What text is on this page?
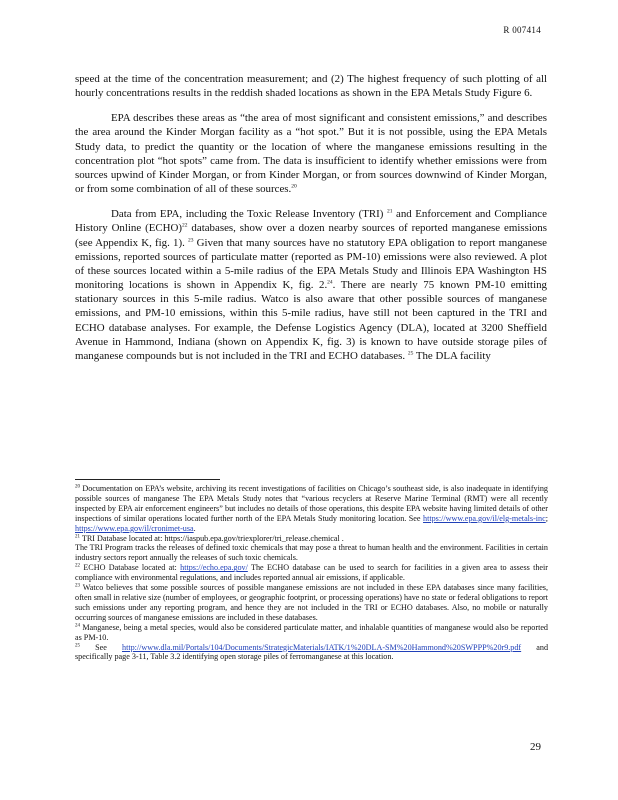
R 007414

speed at the time of the concentration measurement; and (2) The highest frequency of such plotting of all hourly concentrations results in the reddish shaded locations as shown in the EPA Metals Study Figure 6.

EPA describes these areas as “the area of most significant and consistent emissions,” and describes the area around the Kinder Morgan facility as a “hot spot.” But it is not possible, using the EPA Metals Study data, to predict the quantity or the location of where the manganese emissions resulting in the concentration plot “hot spots” came from. The data is insufficient to identify whether emissions were from sources upwind of Kinder Morgan, or from Kinder Morgan, or from sources downwind of Kinder Morgan, or from some combination of all of these sources.$^{20}$

Data from EPA, including the Toxic Release Inventory (TRI) $^{21}$ and Enforcement and Compliance History Online (ECHO)$^{22}$ databases, show over a dozen nearby sources of reported manganese emissions (see Appendix K, fig. 1). $^{23}$ Given that many sources have no statutory EPA obligation to report manganese emissions, reported sources of particulate matter (reported as PM-10) emissions were also reviewed. A plot of these sources located within a 5-mile radius of the EPA Metals Study and Illinois EPA Washington HS monitoring locations is shown in Appendix K, fig. 2.24. There are nearly 75 known PM-10 emitting stationary sources in this 5-mile radius. Watco is also aware that other possible sources of manganese emissions, and PM-10 emissions, within this 5-mile radius, have still not been captured in the TRI and ECHO database analyses. For example, the Defense Logistics Agency (DLA), located at 3200 Sheffield Avenue in Hammond, Indiana (shown on Appendix K, fig. 3) is known to have outside storage piles of manganese compounds but is not included in the TRI and ECHO databases. $^{25}$ The DLA facility

$^{20}$ Documentation on EPA’s website, archiving its recent investigations of facilities on Chicago’s southeast side, is also inadequate in identifying possible sources of manganese The EPA Metals Study notes that “various recyclers at Reserve Marine Terminal (RMT) were all recently inspected by EPA air enforcement engineers” but includes no details of those operations, this despite EPA website having limited details of other inspections of similar operations located further north of the EPA Metals Study monitoring location. See https://www.epa.gov/il/elg-metals-inc; https://www.epa.gov/il/cronimet-usa.

$^{21}$ TRI Database located at: https://iaspub.epa.gov/triexplorer/tri_release.chemical .

The TRI Program tracks the releases of defined toxic chemicals that may pose a threat to human health and the environment. Facilities in certain industry sectors report annually the releases of such toxic chemicals.

$^{22}$ ECHO Database located at: https://echo.epa.gov/ The ECHO database can be used to search for facilities in a given area to assess their compliance with environmental regulations, and includes reported annual air emissions, if applicable.

$^{23}$ Watco believes that some possible sources of possible manganese emissions are not included in these EPA databases since many facilities, often small in relative size (number of employees, or geographic footprint, or processing operations) have no state or federal obligations to report such emissions under any reporting program, and hence they are not included in the TRI or ECHO databases. Also, no mobile or naturally occurring sources of manganese emissions are included in these databases.

$^{24}$ Manganese, being a metal species, would also be considered particulate matter, and inhalable quantities of manganese would also be reported as PM-10.

$^{25}$ See http://www.dla.mil/Portals/104/Documents/StrategicMaterials/IATK/1%20DLA-SM%20Hammond%20SWPPP%20r9.pdf and specifically page 3-11, Table 3.2 identifying open storage piles of ferromanganese at this location.

29
